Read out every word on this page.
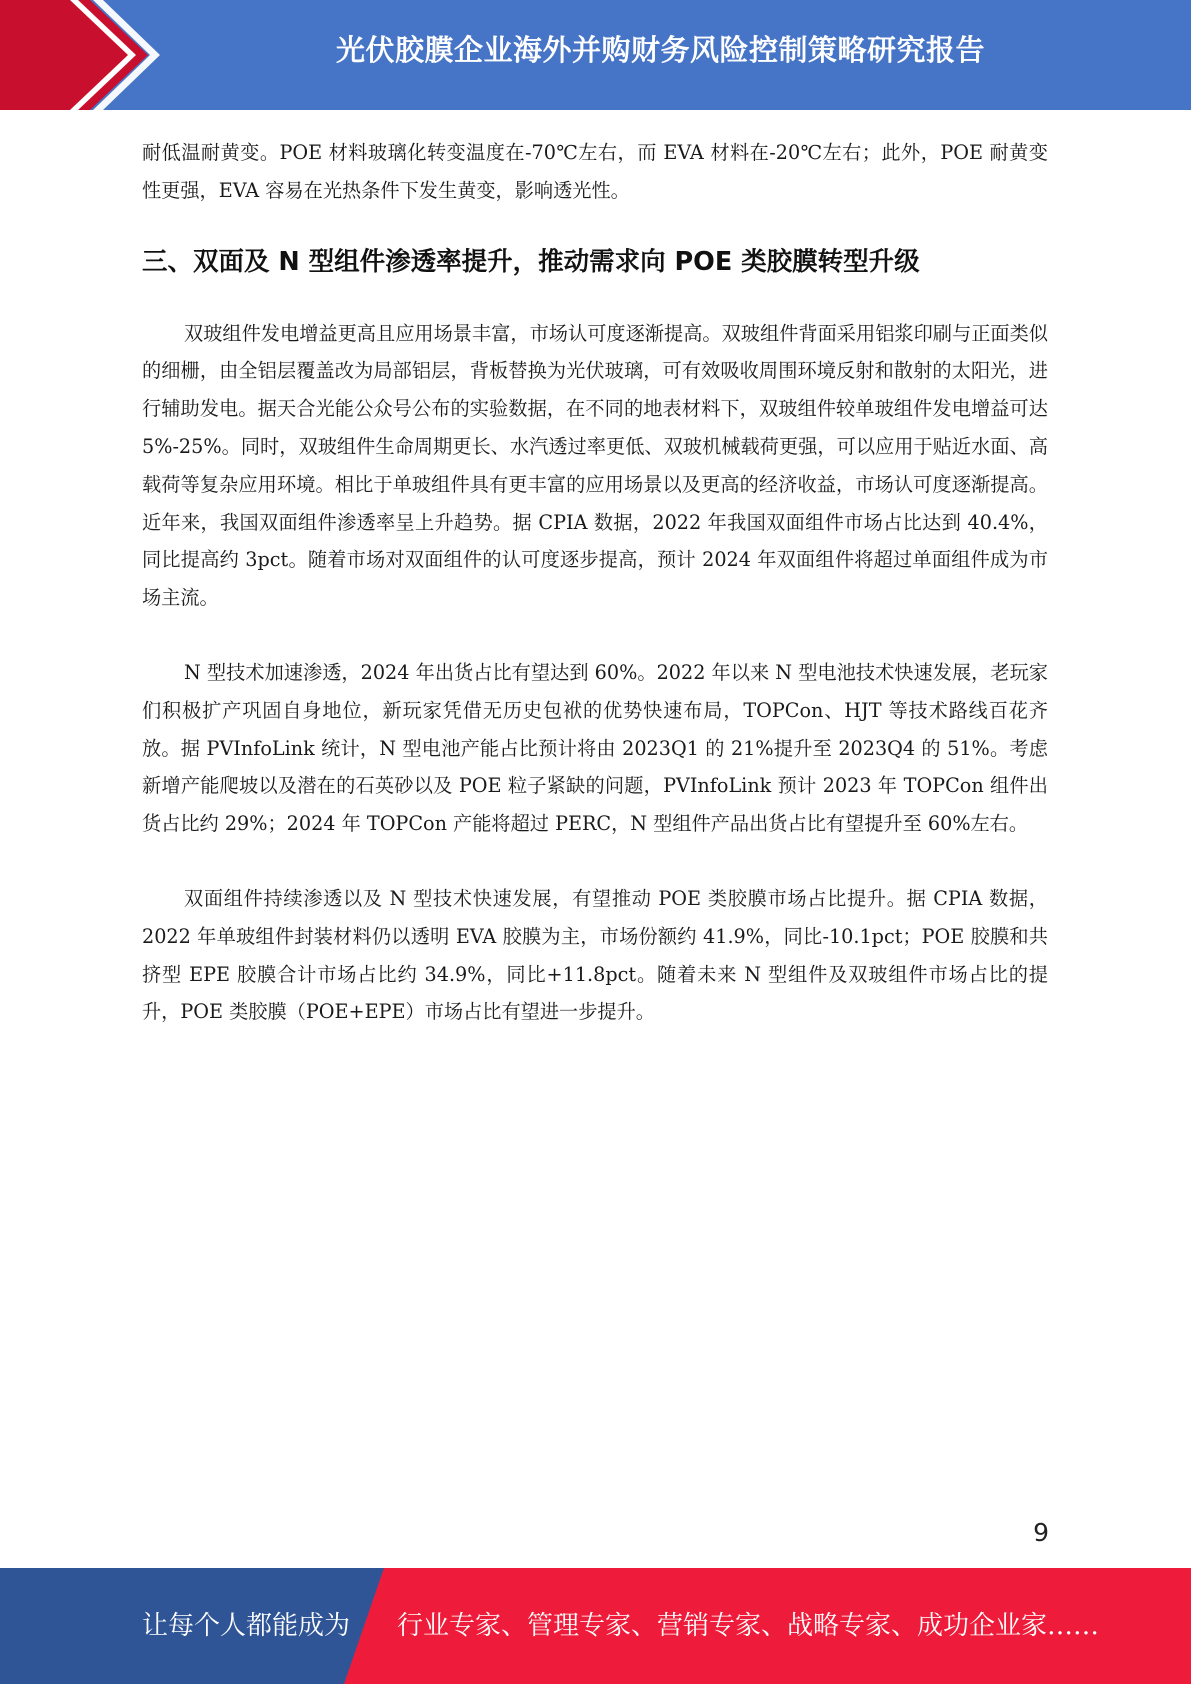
光伏胶膜企业海外并购财务风险控制策略研究报告

耐低温耐黄变。POE 材料玻璃化转变温度在-70℃左右，而 EVA 材料在-20℃左右；此外，POE 耐黄变性更强，EVA 容易在光热条件下发生黄变，影响透光性。

三、双面及 N 型组件渗透率提升，推动需求向 POE 类胶膜转型升级

双玻组件发电增益更高且应用场景丰富，市场认可度逐渐提高。双玻组件背面采用铝浆印刷与正面类似的细栅，由全铝层覆盖改为局部铝层，背板替换为光伏玻璃，可有效吸收周围环境反射和散射的太阳光，进行辅助发电。据天合光能公众号公布的实验数据，在不同的地表材料下，双玻组件较单玻组件发电增益可达 5%-25%。同时，双玻组件生命周期更长、水汽透过率更低、双玻机械载荷更强，可以应用于贴近水面、高载荷等复杂应用环境。相比于单玻组件具有更丰富的应用场景以及更高的经济收益，市场认可度逐渐提高。近年来，我国双面组件渗透率呈上升趋势。据 CPIA 数据，2022 年我国双面组件市场占比达到 40.4%，同比提高约 3pct。随着市场对双面组件的认可度逐步提高，预计 2024 年双面组件将超过单面组件成为市场主流。

N 型技术加速渗透，2024 年出货占比有望达到 60%。2022 年以来 N 型电池技术快速发展，老玩家们积极扩产巩固自身地位，新玩家凭借无历史包袱的优势快速布局，TOPCon、HJT 等技术路线百花齐放。据 PVInfoLink 统计，N 型电池产能占比预计将由 2023Q1 的 21%提升至 2023Q4 的 51%。考虑新增产能爬坡以及潜在的石英砂以及 POE 粒子紧缺的问题，PVInfoLink 预计 2023 年 TOPCon 组件出货占比约 29%；2024 年 TOPCon 产能将超过 PERC，N 型组件产品出货占比有望提升至 60%左右。

双面组件持续渗透以及 N 型技术快速发展，有望推动 POE 类胶膜市场占比提升。据 CPIA 数据，2022 年单玻组件封装材料仍以透明 EVA 胶膜为主，市场份额约 41.9%，同比-10.1pct；POE 胶膜和共挤型 EPE 胶膜合计市场占比约 34.9%，同比+11.8pct。随着未来 N 型组件及双玻组件市场占比的提升，POE 类胶膜（POE+EPE）市场占比有望进一步提升。

9
让每个人都能成为 行业专家、管理专家、营销专家、战略专家、成功企业家……
